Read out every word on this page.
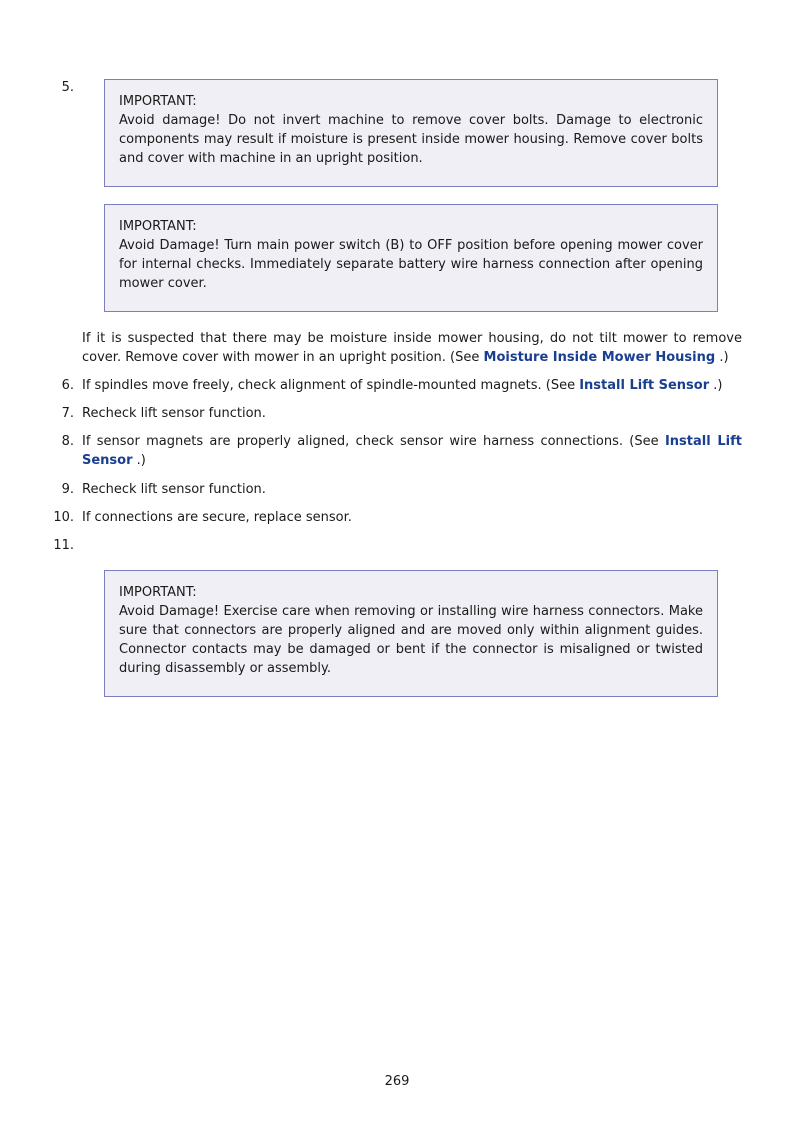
5.
IMPORTANT:
Avoid damage! Do not invert machine to remove cover bolts. Damage to electronic components may result if moisture is present inside mower housing. Remove cover bolts and cover with machine in an upright position.
IMPORTANT:
Avoid Damage! Turn main power switch (B) to OFF position before opening mower cover for internal checks. Immediately separate battery wire harness connection after opening mower cover.
If it is suspected that there may be moisture inside mower housing, do not tilt mower to remove cover. Remove cover with mower in an upright position. (See Moisture Inside Mower Housing .)
6. If spindles move freely, check alignment of spindle-mounted magnets. (See Install Lift Sensor .)
7. Recheck lift sensor function.
8. If sensor magnets are properly aligned, check sensor wire harness connections. (See Install Lift Sensor .)
9. Recheck lift sensor function.
10. If connections are secure, replace sensor.
11.
IMPORTANT:
Avoid Damage! Exercise care when removing or installing wire harness connectors. Make sure that connectors are properly aligned and are moved only within alignment guides. Connector contacts may be damaged or bent if the connector is misaligned or twisted during disassembly or assembly.
269
